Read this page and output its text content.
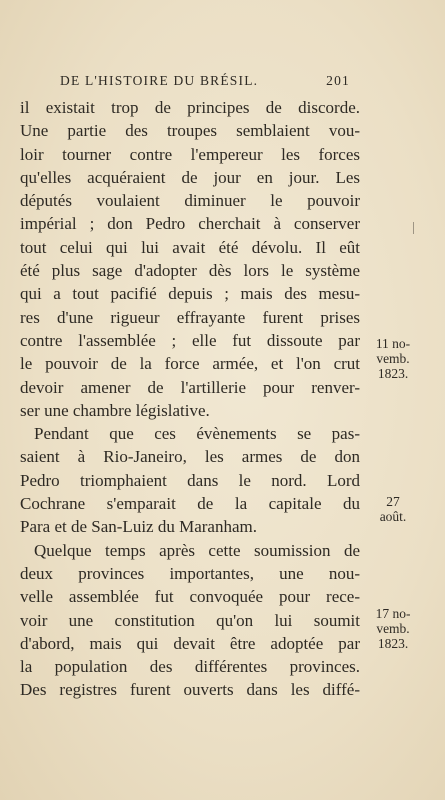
DE L'HISTOIRE DU BRÉSIL.	201
il existait trop de principes de discorde.
Une partie des troupes semblaient vou-
loir tourner contre l'empereur les forces
qu'elles acquéraient de jour en jour. Les
députés voulaient diminuer le pouvoir
impérial ; don Pedro cherchait à conserver
tout celui qui lui avait été dévolu. Il eût
été plus sage d'adopter dès lors le système
qui a tout pacifié depuis ; mais des mesu-
res d'une rigueur effrayante furent prises
contre l'assemblée ; elle fut dissoute par
le pouvoir de la force armée, et l'on crut
devoir amener de l'artillerie pour renver-
ser une chambre législative.
Pendant que ces évènements se pas-
saient à Rio-Janeiro, les armes de don
Pedro triomphaient dans le nord. Lord
Cochrane s'emparait de la capitale du
Para et de San-Luiz du Maranham.
Quelque temps après cette soumission de
deux provinces importantes, une nou-
velle assemblée fut convoquée pour rece-
voir une constitution qu'on lui soumit
d'abord, mais qui devait être adoptée par
la population des différentes provinces.
Des registres furent ouverts dans les diffé-
11 no-
vemb.
1823.
27
août.
17 no-
vemb.
1823.
